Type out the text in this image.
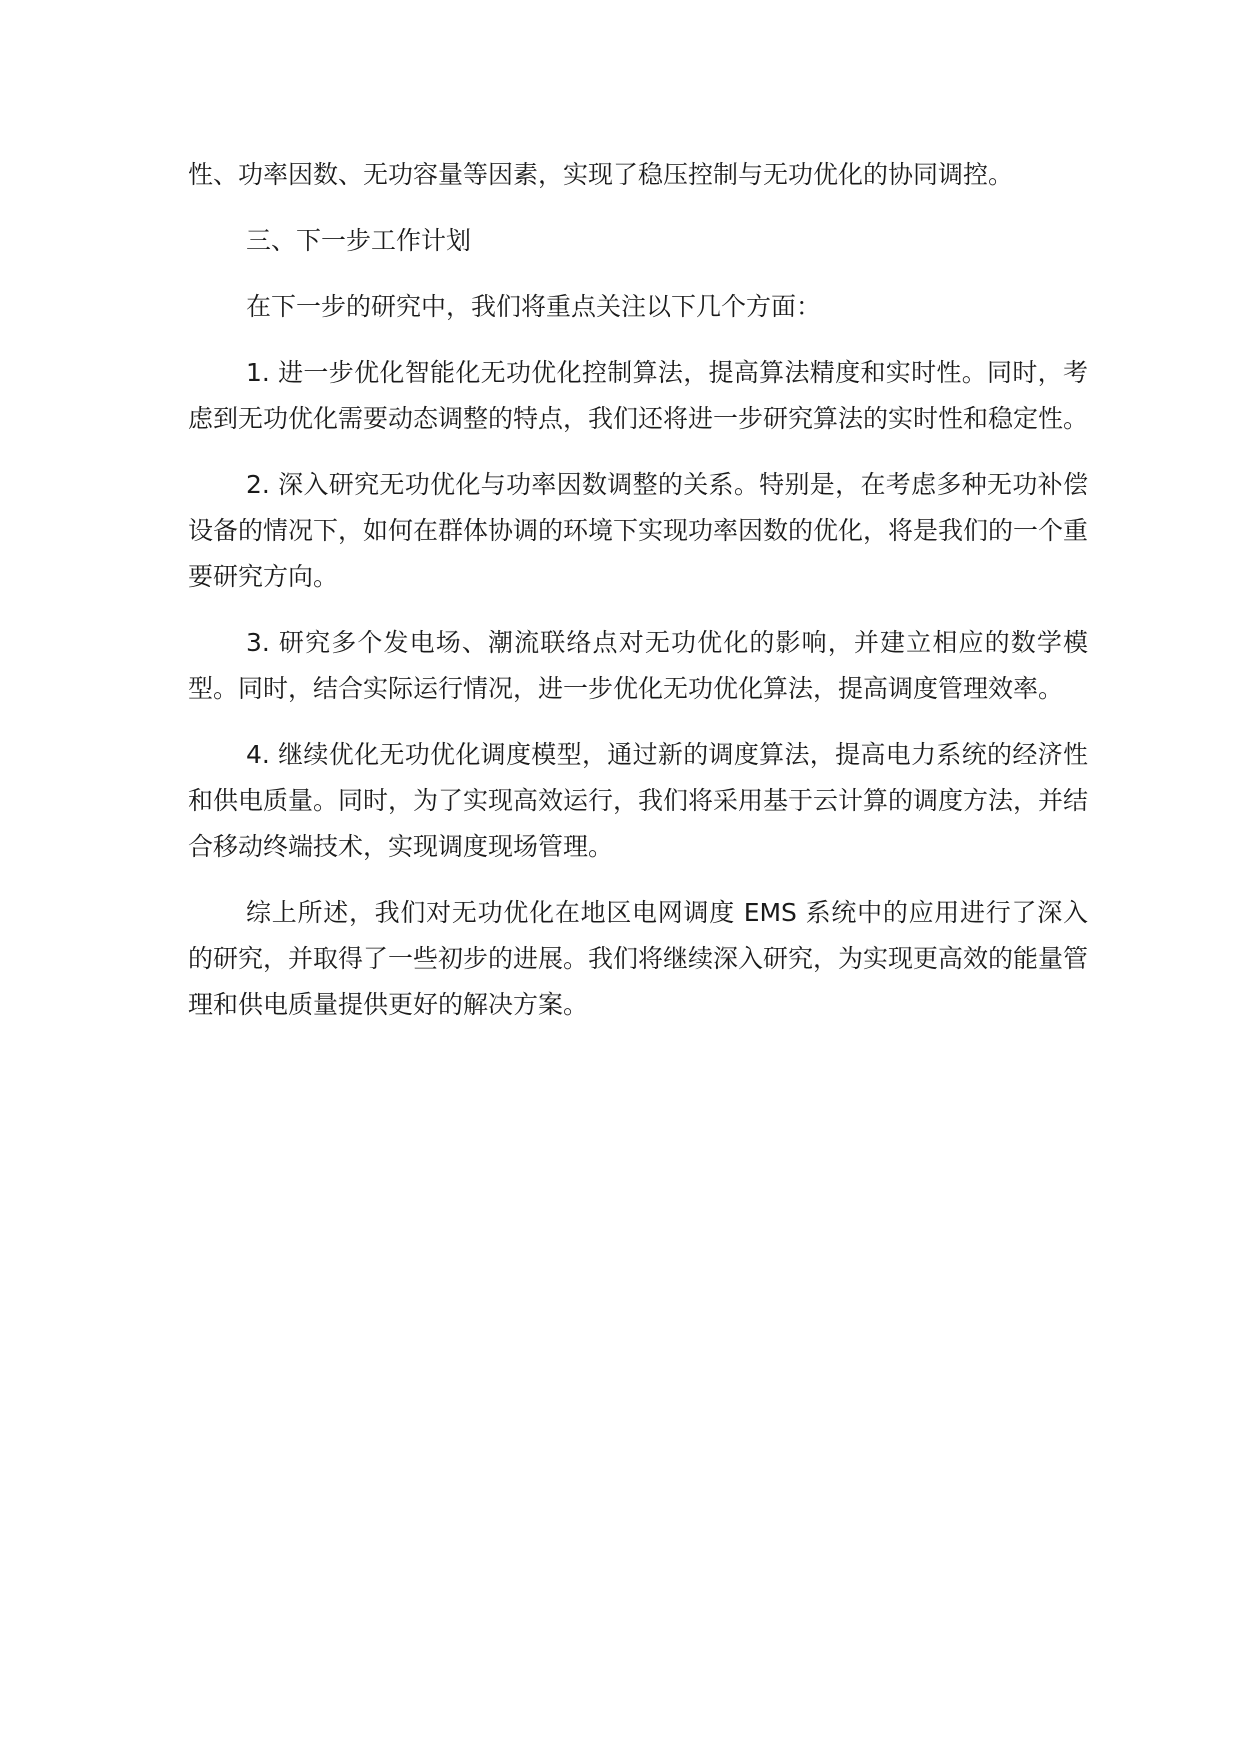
性、功率因数、无功容量等因素，实现了稳压控制与无功优化的协同调控。

三、下一步工作计划

在下一步的研究中，我们将重点关注以下几个方面：

1. 进一步优化智能化无功优化控制算法，提高算法精度和实时性。同时，考虑到无功优化需要动态调整的特点，我们还将进一步研究算法的实时性和稳定性。

2. 深入研究无功优化与功率因数调整的关系。特别是，在考虑多种无功补偿设备的情况下，如何在群体协调的环境下实现功率因数的优化，将是我们的一个重要研究方向。

3. 研究多个发电场、潮流联络点对无功优化的影响，并建立相应的数学模型。同时，结合实际运行情况，进一步优化无功优化算法，提高调度管理效率。

4. 继续优化无功优化调度模型，通过新的调度算法，提高电力系统的经济性和供电质量。同时，为了实现高效运行，我们将采用基于云计算的调度方法，并结合移动终端技术，实现调度现场管理。

综上所述，我们对无功优化在地区电网调度 EMS 系统中的应用进行了深入的研究，并取得了一些初步的进展。我们将继续深入研究，为实现更高效的能量管理和供电质量提供更好的解决方案。
